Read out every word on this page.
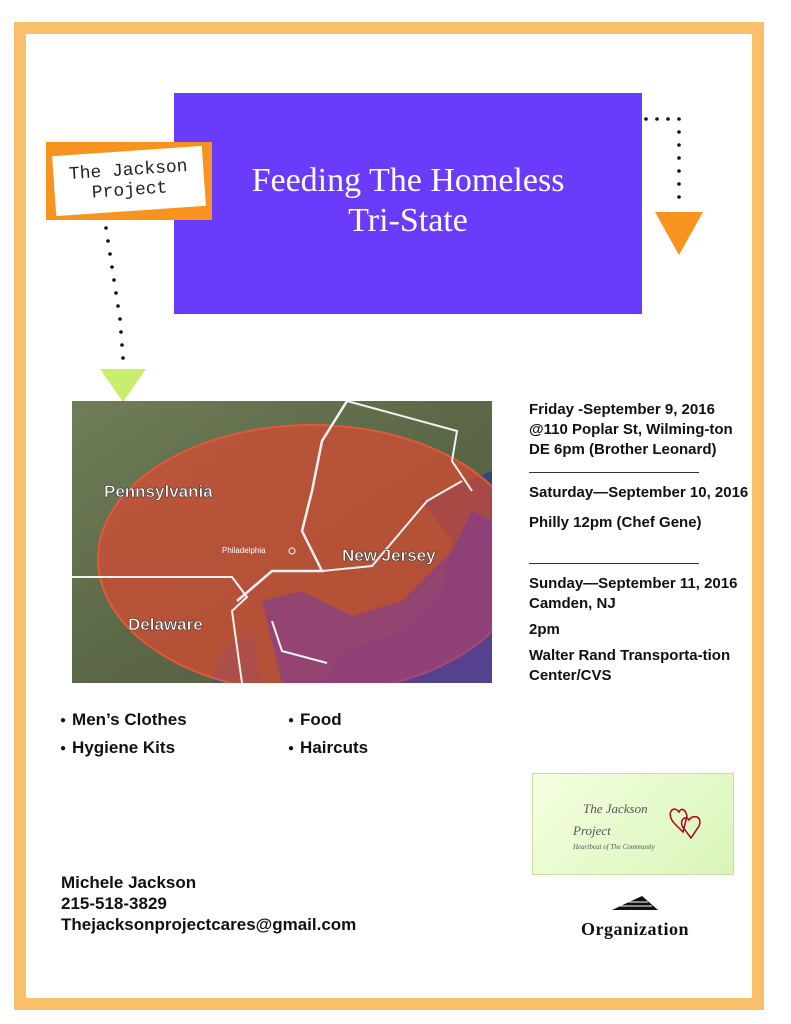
Feeding The Homeless
Tri-State
The Jackson
Project
Pennsylvania
New Jersey
Delaware
Philadelphia

Friday -September 9, 2016 @110 Poplar St, Wilming-ton DE 6pm (Brother Leonard)

Saturday—September 10, 2016

Philly 12pm (Chef Gene)

Sunday—September 11, 2016 Camden, NJ

2pm

Walter Rand Transporta-tion Center/CVS

● Men’s Clothes	● Food
● Hygiene Kits	● Haircuts
Michele Jackson
215-518-3829
Thejacksonprojectcares@gmail.com
The Jackson
Project
Heartbeat of The Community
Organization
